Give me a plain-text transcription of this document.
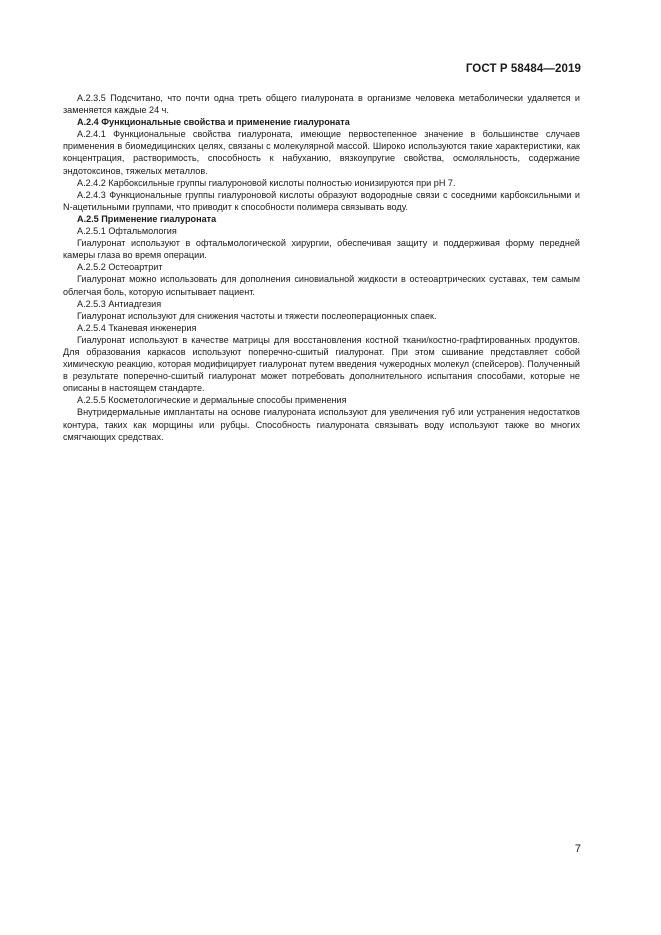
ГОСТ Р 58484—2019

А.2.3.5 Подсчитано, что почти одна треть общего гиалуроната в организме человека метаболически удаляется и заменяется каждые 24 ч.

А.2.4 Функциональные свойства и применение гиалуроната

А.2.4.1 Функциональные свойства гиалуроната, имеющие первостепенное значение в большинстве случаев применения в биомедицинских целях, связаны с молекулярной массой. Широко используются такие характеристики, как концентрация, растворимость, способность к набуханию, вязкоупругие свойства, осмоляльность, содержание эндотоксинов, тяжелых металлов.

А.2.4.2 Карбоксильные группы гиалуроновой кислоты полностью ионизируются при pH 7.

А.2.4.3 Функциональные группы гиалуроновой кислоты образуют водородные связи с соседними карбоксильными и N-ацетильными группами, что приводит к способности полимера связывать воду.

А.2.5 Применение гиалуроната

А.2.5.1 Офтальмология

Гиалуронат используют в офтальмологической хирургии, обеспечивая защиту и поддерживая форму передней камеры глаза во время операции.

А.2.5.2 Остеоартрит

Гиалуронат можно использовать для дополнения синовиальной жидкости в остеоартрических суставах, тем самым облегчая боль, которую испытывает пациент.

А.2.5.3 Антиадгезия

Гиалуронат используют для снижения частоты и тяжести послеоперационных спаек.

А.2.5.4 Тканевая инженерия

Гиалуронат используют в качестве матрицы для восстановления костной ткани/костно-графтированных продуктов. Для образования каркасов используют поперечно-сшитый гиалуронат. При этом сшивание представляет собой химическую реакцию, которая модифицирует гиалуронат путем введения чужеродных молекул (спейсеров). Полученный в результате поперечно-сшитый гиалуронат может потребовать дополнительного испытания способами, которые не описаны в настоящем стандарте.

А.2.5.5 Косметологические и дермальные способы применения

Внутридермальные имплантаты на основе гиалуроната используют для увеличения губ или устранения недостатков контура, таких как морщины или рубцы. Способность гиалуроната связывать воду используют также во многих смягчающих средствах.

7
